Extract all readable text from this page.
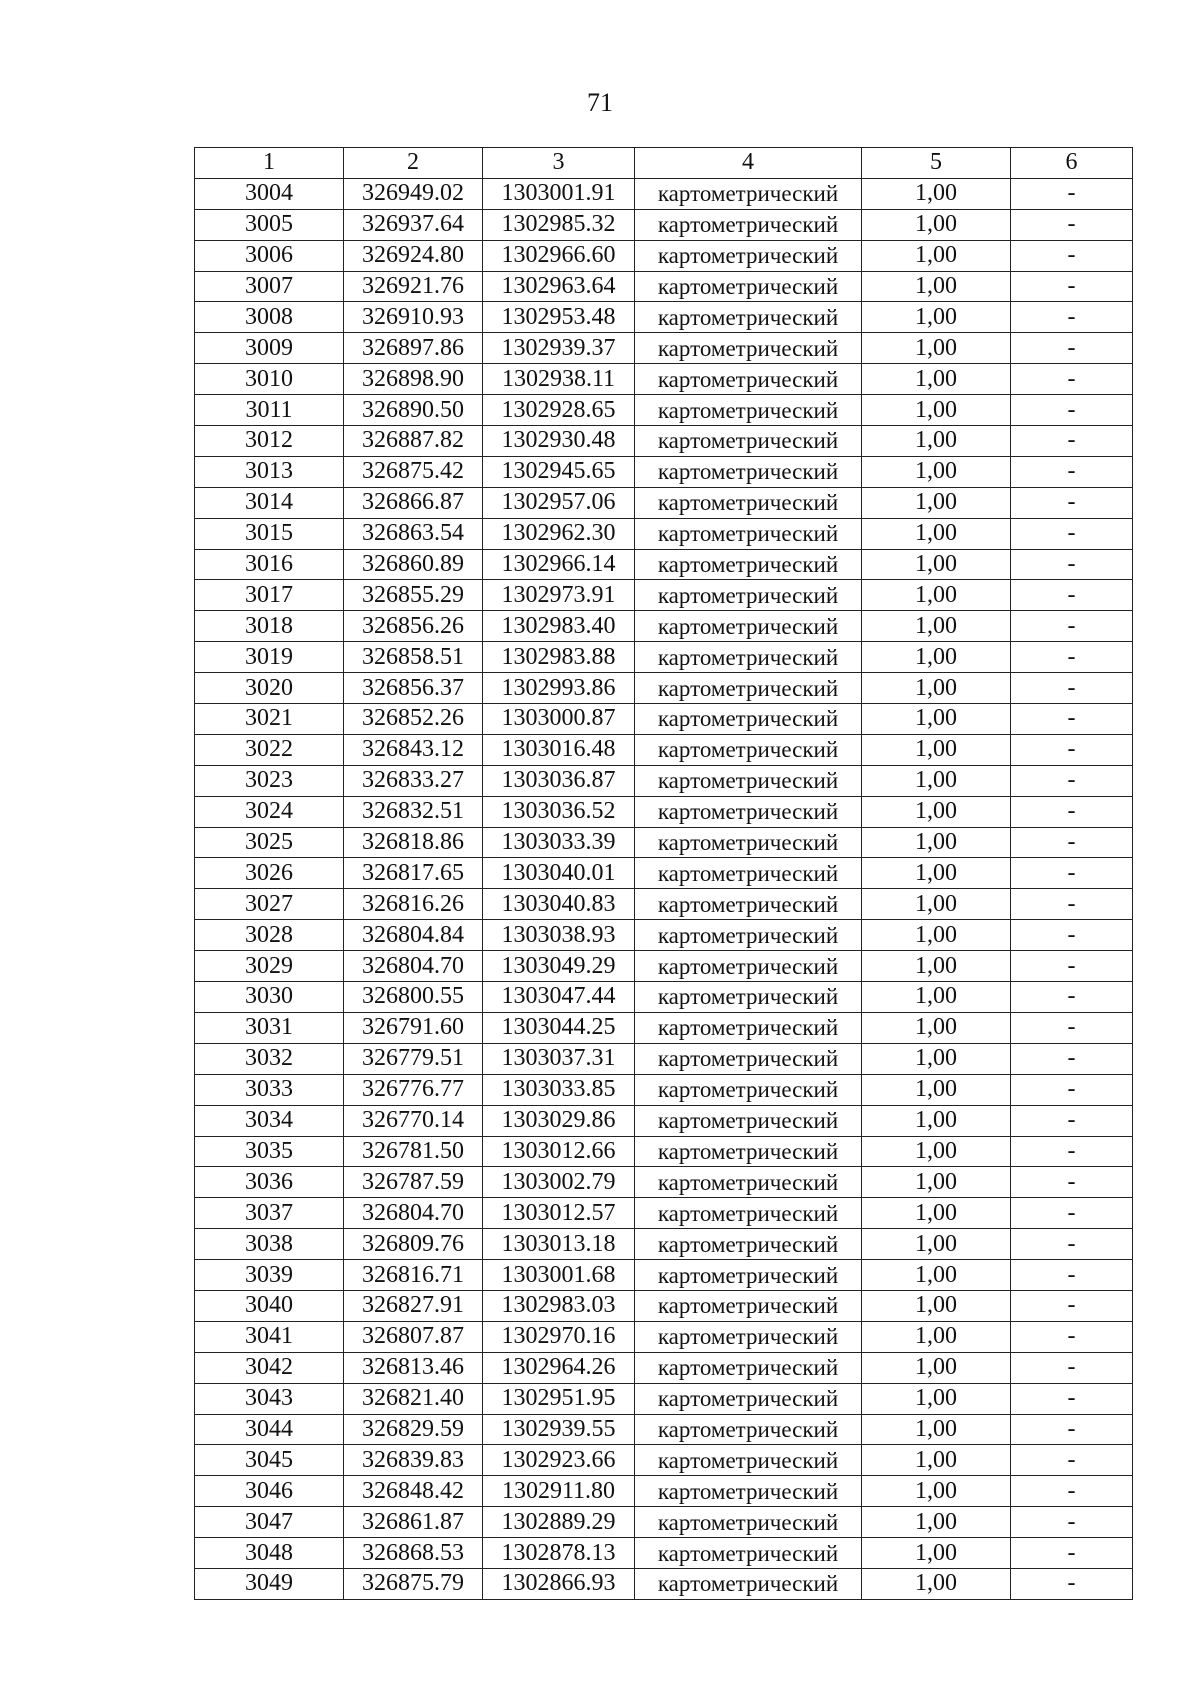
71
1	2	3	4	5	6
3004	326949.02	1303001.91	картометрический	1,00	-
3005	326937.64	1302985.32	картометрический	1,00	-
3006	326924.80	1302966.60	картометрический	1,00	-
3007	326921.76	1302963.64	картометрический	1,00	-
3008	326910.93	1302953.48	картометрический	1,00	-
3009	326897.86	1302939.37	картометрический	1,00	-
3010	326898.90	1302938.11	картометрический	1,00	-
3011	326890.50	1302928.65	картометрический	1,00	-
3012	326887.82	1302930.48	картометрический	1,00	-
3013	326875.42	1302945.65	картометрический	1,00	-
3014	326866.87	1302957.06	картометрический	1,00	-
3015	326863.54	1302962.30	картометрический	1,00	-
3016	326860.89	1302966.14	картометрический	1,00	-
3017	326855.29	1302973.91	картометрический	1,00	-
3018	326856.26	1302983.40	картометрический	1,00	-
3019	326858.51	1302983.88	картометрический	1,00	-
3020	326856.37	1302993.86	картометрический	1,00	-
3021	326852.26	1303000.87	картометрический	1,00	-
3022	326843.12	1303016.48	картометрический	1,00	-
3023	326833.27	1303036.87	картометрический	1,00	-
3024	326832.51	1303036.52	картометрический	1,00	-
3025	326818.86	1303033.39	картометрический	1,00	-
3026	326817.65	1303040.01	картометрический	1,00	-
3027	326816.26	1303040.83	картометрический	1,00	-
3028	326804.84	1303038.93	картометрический	1,00	-
3029	326804.70	1303049.29	картометрический	1,00	-
3030	326800.55	1303047.44	картометрический	1,00	-
3031	326791.60	1303044.25	картометрический	1,00	-
3032	326779.51	1303037.31	картометрический	1,00	-
3033	326776.77	1303033.85	картометрический	1,00	-
3034	326770.14	1303029.86	картометрический	1,00	-
3035	326781.50	1303012.66	картометрический	1,00	-
3036	326787.59	1303002.79	картометрический	1,00	-
3037	326804.70	1303012.57	картометрический	1,00	-
3038	326809.76	1303013.18	картометрический	1,00	-
3039	326816.71	1303001.68	картометрический	1,00	-
3040	326827.91	1302983.03	картометрический	1,00	-
3041	326807.87	1302970.16	картометрический	1,00	-
3042	326813.46	1302964.26	картометрический	1,00	-
3043	326821.40	1302951.95	картометрический	1,00	-
3044	326829.59	1302939.55	картометрический	1,00	-
3045	326839.83	1302923.66	картометрический	1,00	-
3046	326848.42	1302911.80	картометрический	1,00	-
3047	326861.87	1302889.29	картометрический	1,00	-
3048	326868.53	1302878.13	картометрический	1,00	-
3049	326875.79	1302866.93	картометрический	1,00	-
